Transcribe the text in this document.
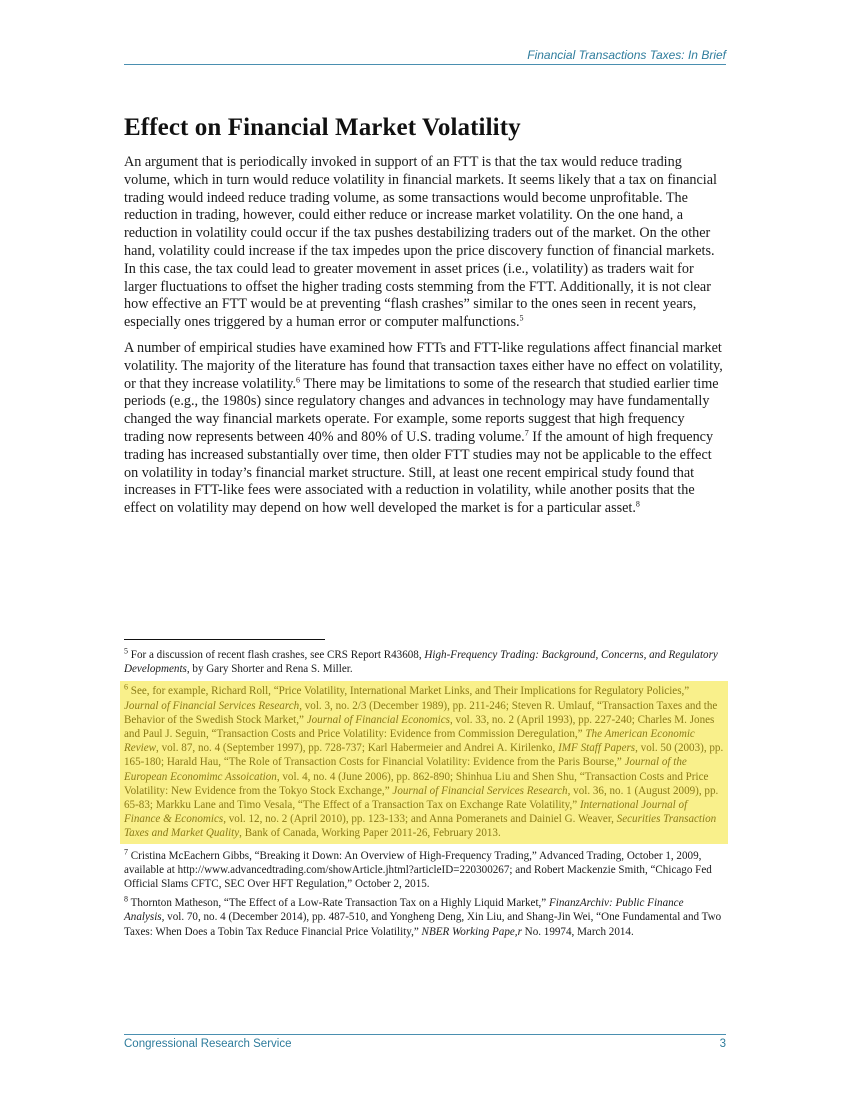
Financial Transactions Taxes: In Brief
Effect on Financial Market Volatility

An argument that is periodically invoked in support of an FTT is that the tax would reduce trading volume, which in turn would reduce volatility in financial markets. It seems likely that a tax on financial trading would indeed reduce trading volume, as some transactions would become unprofitable. The reduction in trading, however, could either reduce or increase market volatility. On the one hand, a reduction in volatility could occur if the tax pushes destabilizing traders out of the market. On the other hand, volatility could increase if the tax impedes upon the price discovery function of financial markets. In this case, the tax could lead to greater movement in asset prices (i.e., volatility) as traders wait for larger fluctuations to offset the higher trading costs stemming from the FTT. Additionally, it is not clear how effective an FTT would be at preventing “flash crashes” similar to the ones seen in recent years, especially ones triggered by a human error or computer malfunctions.$^5$

A number of empirical studies have examined how FTTs and FTT-like regulations affect financial market volatility. The majority of the literature has found that transaction taxes either have no effect on volatility, or that they increase volatility.$^6$ There may be limitations to some of the research that studied earlier time periods (e.g., the 1980s) since regulatory changes and advances in technology may have fundamentally changed the way financial markets operate. For example, some reports suggest that high frequency trading now represents between 40% and 80% of U.S. trading volume.$^7$ If the amount of high frequency trading has increased substantially over time, then older FTT studies may not be applicable to the effect on volatility in today’s financial market structure. Still, at least one recent empirical study found that increases in FTT-like fees were associated with a reduction in volatility, while another posits that the effect on volatility may depend on how well developed the market is for a particular asset.$^8$

$^5$ For a discussion of recent flash crashes, see CRS Report R43608, High-Frequency Trading: Background, Concerns, and Regulatory Developments, by Gary Shorter and Rena S. Miller.
$^6$ See, for example, Richard Roll, “Price Volatility, International Market Links, and Their Implications for Regulatory Policies,” Journal of Financial Services Research, vol. 3, no. 2/3 (December 1989), pp. 211-246; Steven R. Umlauf, “Transaction Taxes and the Behavior of the Swedish Stock Market,” Journal of Financial Economics, vol. 33, no. 2 (April 1993), pp. 227-240; Charles M. Jones and Paul J. Seguin, “Transaction Costs and Price Volatility: Evidence from Commission Deregulation,” The American Economic Review, vol. 87, no. 4 (September 1997), pp. 728-737; Karl Habermeier and Andrei A. Kirilenko, IMF Staff Papers, vol. 50 (2003), pp. 165-180; Harald Hau, “The Role of Transaction Costs for Financial Volatility: Evidence from the Paris Bourse,” Journal of the European Economimc Assoication, vol. 4, no. 4 (June 2006), pp. 862-890; Shinhua Liu and Shen Shu, “Transaction Costs and Price Volatility: New Evidence from the Tokyo Stock Exchange,” Journal of Financial Services Research, vol. 36, no. 1 (August 2009), pp. 65-83; Markku Lane and Timo Vesala, “The Effect of a Transaction Tax on Exchange Rate Volatility,” International Journal of Finance & Economics, vol. 12, no. 2 (April 2010), pp. 123-133; and Anna Pomeranets and Dainiel G. Weaver, Securities Transaction Taxes and Market Quality, Bank of Canada, Working Paper 2011-26, February 2013.
$^7$ Cristina McEachern Gibbs, “Breaking it Down: An Overview of High-Frequency Trading,” Advanced Trading, October 1, 2009, available at http://www.advancedtrading.com/showArticle.jhtml?articleID=220300267; and Robert Mackenzie Smith, “Chicago Fed Official Slams CFTC, SEC Over HFT Regulation,” October 2, 2015.
$^8$ Thornton Matheson, “The Effect of a Low-Rate Transaction Tax on a Highly Liquid Market,” FinanzArchiv: Public Finance Analysis, vol. 70, no. 4 (December 2014), pp. 487-510, and Yongheng Deng, Xin Liu, and Shang-Jin Wei, “One Fundamental and Two Taxes: When Does a Tobin Tax Reduce Financial Price Volatility,” NBER Working Pape,r No. 19974, March 2014.
Congressional Research Service	3
